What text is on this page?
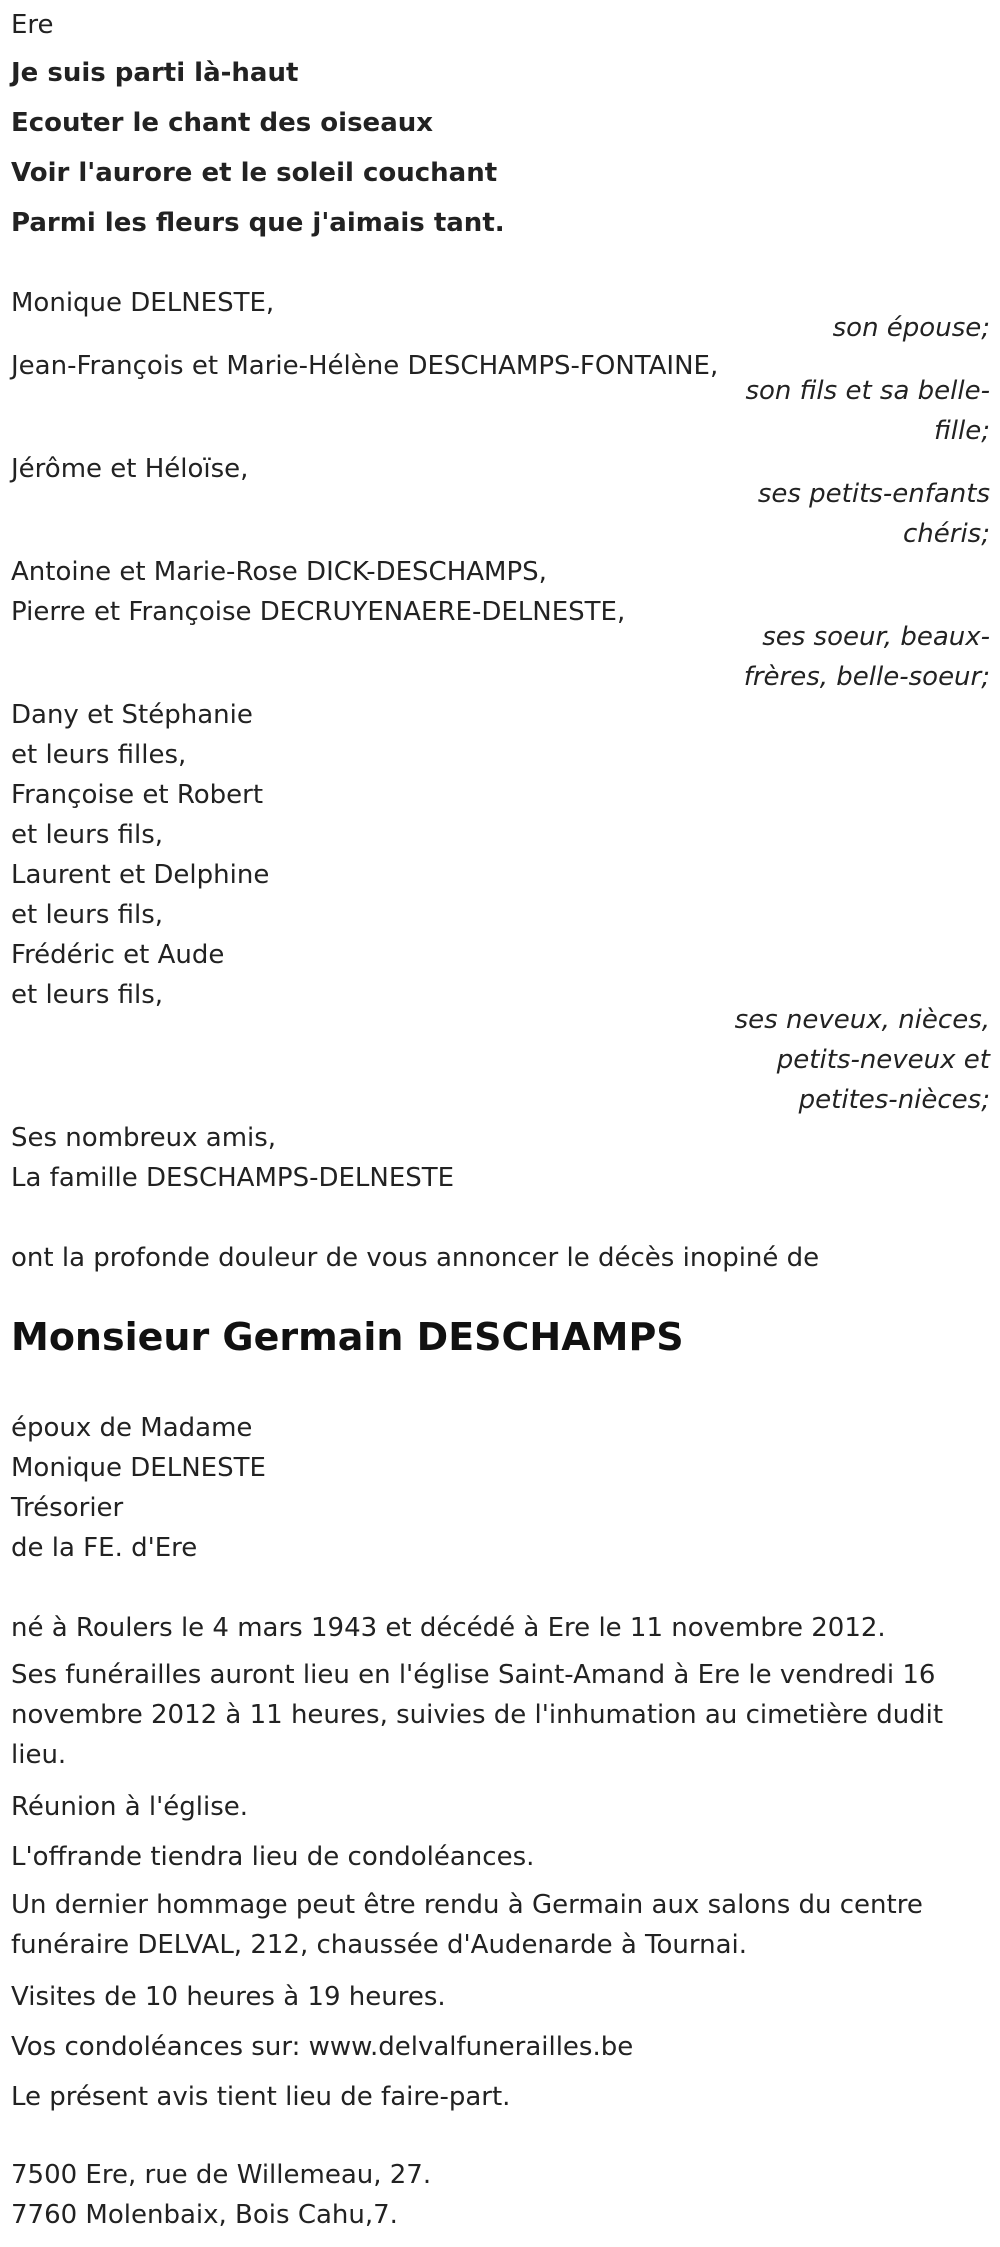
Ere
Je suis parti là-haut
Ecouter le chant des oiseaux
Voir l'aurore et le soleil couchant
Parmi les fleurs que j'aimais tant.
Monique DELNESTE,
son épouse;
Jean-François et Marie-Hélène DESCHAMPS-FONTAINE,
son fils et sa belle-
fille;
Jérôme et Héloïse,
ses petits-enfants
chéris;
Antoine et Marie-Rose DICK-DESCHAMPS,
Pierre et Françoise DECRUYENAERE-DELNESTE,
ses soeur, beaux-
frères, belle-soeur;
Dany et Stéphanie
et leurs filles,
Françoise et Robert
et leurs fils,
Laurent et Delphine
et leurs fils,
Frédéric et Aude
et leurs fils,
ses neveux, nièces,
petits-neveux et
petites-nièces;
Ses nombreux amis,
La famille DESCHAMPS-DELNESTE
ont la profonde douleur de vous annoncer le décès inopiné de
Monsieur Germain DESCHAMPS
époux de Madame
Monique DELNESTE
Trésorier
de la FE. d'Ere
né à Roulers le 4 mars 1943 et décédé à Ere le 11 novembre 2012.
Ses funérailles auront lieu en l'église Saint-Amand à Ere le vendredi 16
novembre 2012 à 11 heures, suivies de l'inhumation au cimetière dudit
lieu.
Réunion à l'église.
L'offrande tiendra lieu de condoléances.
Un dernier hommage peut être rendu à Germain aux salons du centre
funéraire DELVAL, 212, chaussée d'Audenarde à Tournai.
Visites de 10 heures à 19 heures.
Vos condoléances sur: www.delvalfunerailles.be
Le présent avis tient lieu de faire-part.
7500 Ere, rue de Willemeau, 27.
7760 Molenbaix, Bois Cahu,7.
